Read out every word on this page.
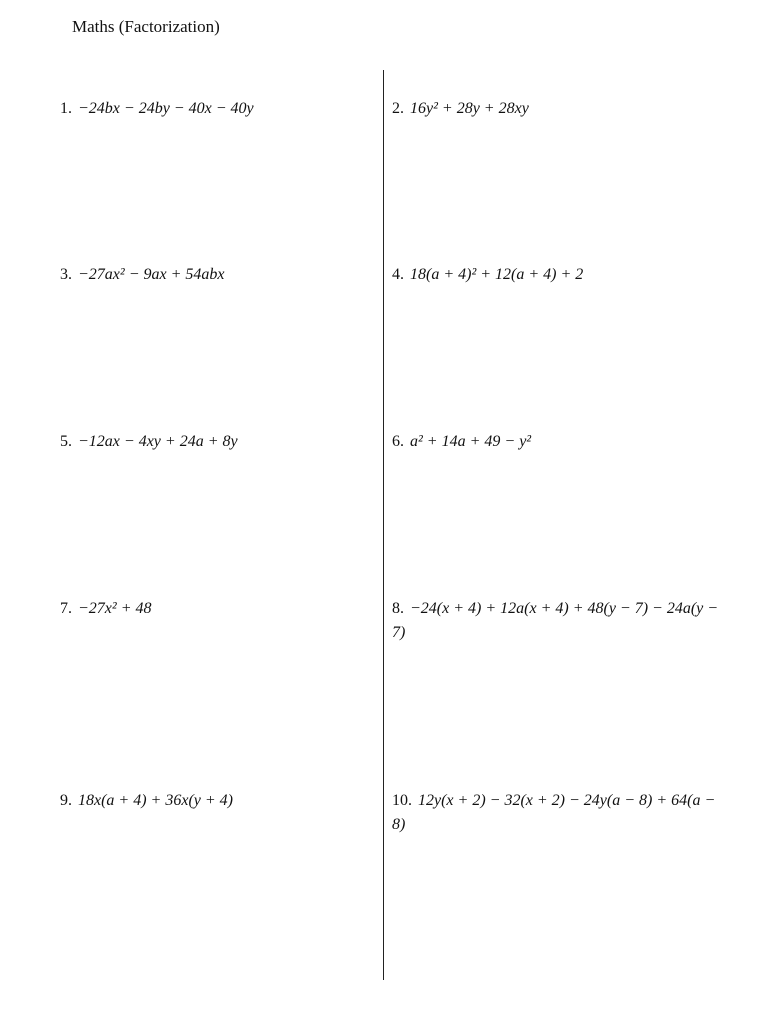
Maths (Factorization)
1. −24bx − 24by − 40x − 40y	2. 16y² + 28y + 28xy
3. −27ax² − 9ax + 54abx	4. 18(a + 4)² + 12(a + 4) + 2
5. −12ax − 4xy + 24a + 8y	6. a² + 14a + 49 − y²
7. −27x² + 48	8. −24(x + 4) + 12a(x + 4) + 48(y − 7) − 24a(y − 7)
9. 18x(a + 4) + 36x(y + 4)	10. 12y(x + 2) − 32(x + 2) − 24y(a − 8) + 64(a − 8)
